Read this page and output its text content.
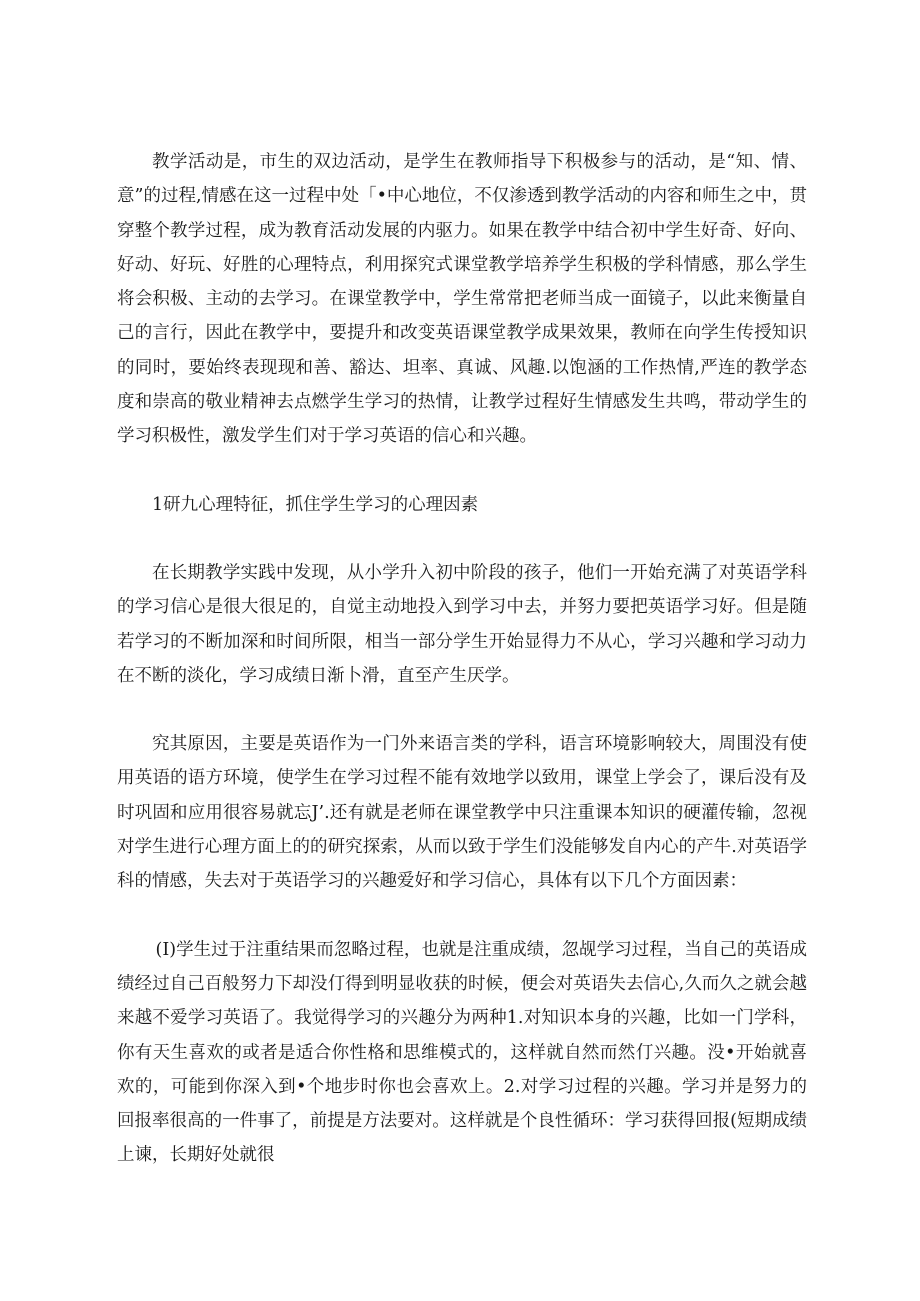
教学活动是，市生的双边活动，是学生在教师指导下积极参与的活动，是“知、情、意”的过程,情感在这一过程中处「•中心地位，不仅渗透到教学活动的内容和师生之中，贯穿整个教学过程，成为教育活动发展的内驱力。如果在教学中结合初中学生好奇、好向、好动、好玩、好胜的心理特点，利用探究式课堂教学培养学生积极的学科情感，那么学生将会积极、主动的去学习。在课堂教学中，学生常常把老师当成一面镜子，以此来衡量自己的言行，因此在教学中，要提升和改变英语课堂教学成果效果，教师在向学生传授知识的同时，要始终表现现和善、豁达、坦率、真诚、风趣.以饱涵的工作热情,严连的教学态度和崇高的敬业精神去点燃学生学习的热情，让教学过程好生情感发生共鸣，带动学生的学习积极性，激发学生们对于学习英语的信心和兴趣。

1研九心理特征，抓住学生学习的心理因素

在长期教学实践中发现，从小学升入初中阶段的孩子，他们一开始充满了对英语学科的学习信心是很大很足的，自觉主动地投入到学习中去，并努力要把英语学习好。但是随若学习的不断加深和时间所限，相当一部分学生开始显得力不从心，学习兴趣和学习动力在不断的淡化，学习成绩日渐卜滑，直至产生厌学。

究其原因，主要是英语作为一门外来语言类的学科，语言环境影响较大，周围没有使用英语的语方环境，使学生在学习过程不能有效地学以致用，课堂上学会了，课后没有及时巩固和应用很容易就忘J’.还有就是老师在课堂教学中只注重课本知识的硬灌传输，忽视对学生进行心理方面上的的研究探索，从而以致于学生们没能够发自内心的产牛.对英语学科的情感，失去对于英语学习的兴趣爱好和学习信心，具体有以下几个方面因素：

(I)学生过于注重结果而忽略过程，也就是注重成绩，忽觇学习过程，当自己的英语成绩经过自己百般努力下却没仃得到明显收获的时候，便会对英语失去信心,久而久之就会越来越不爱学习英语了。我觉得学习的兴趣分为两种1.对知识本身的兴趣，比如一门学科，你有天生喜欢的或者是适合你性格和思维模式的，这样就自然而然仃兴趣。没•开始就喜欢的，可能到你深入到•个地步时你也会喜欢上。2.对学习过程的兴趣。学习并是努力的回报率很高的一件事了，前提是方法要对。这样就是个良性循环：学习获得回报(短期成绩上谏，长期好处就很
